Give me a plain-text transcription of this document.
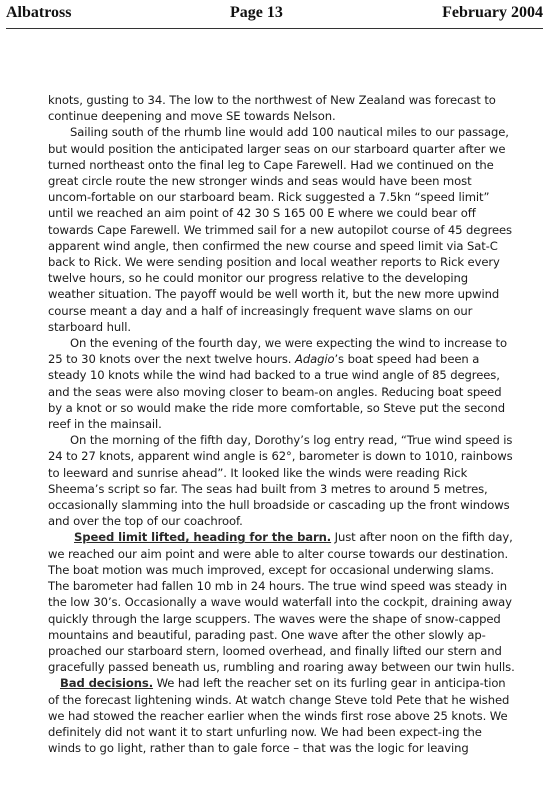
Albatross	Page 13	February 2004

knots, gusting to 34. The low to the northwest of New Zealand was forecast to continue deepening and move SE towards Nelson.

Sailing south of the rhumb line would add 100 nautical miles to our passage, but would position the anticipated larger seas on our starboard quarter after we turned northeast onto the final leg to Cape Farewell. Had we continued on the great circle route the new stronger winds and seas would have been most uncom-fortable on our starboard beam. Rick suggested a 7.5kn “speed limit” until we reached an aim point of 42 30 S 165 00 E where we could bear off towards Cape Farewell. We trimmed sail for a new autopilot course of 45 degrees apparent wind angle, then confirmed the new course and speed limit via Sat-C back to Rick. We were sending position and local weather reports to Rick every twelve hours, so he could monitor our progress relative to the developing weather situation. The payoff would be well worth it, but the new more upwind course meant a day and a half of increasingly frequent wave slams on our starboard hull.

On the evening of the fourth day, we were expecting the wind to increase to 25 to 30 knots over the next twelve hours. Adagio’s boat speed had been a steady 10 knots while the wind had backed to a true wind angle of 85 degrees, and the seas were also moving closer to beam-on angles. Reducing boat speed by a knot or so would make the ride more comfortable, so Steve put the second reef in the mainsail.

On the morning of the fifth day, Dorothy’s log entry read, “True wind speed is 24 to 27 knots, apparent wind angle is 62°, barometer is down to 1010, rainbows to leeward and sunrise ahead”. It looked like the winds were reading Rick Sheema’s script so far. The seas had built from 3 metres to around 5 metres, occasionally slamming into the hull broadside or cascading up the front windows and over the top of our coachroof.

Speed limit lifted, heading for the barn. Just after noon on the fifth day, we reached our aim point and were able to alter course towards our destination. The boat motion was much improved, except for occasional underwing slams. The barometer had fallen 10 mb in 24 hours. The true wind speed was steady in the low 30’s. Occasionally a wave would waterfall into the cockpit, draining away quickly through the large scuppers. The waves were the shape of snow-capped mountains and beautiful, parading past. One wave after the other slowly ap-proached our starboard stern, loomed overhead, and finally lifted our stern and gracefully passed beneath us, rumbling and roaring away between our twin hulls.

Bad decisions. We had left the reacher set on its furling gear in anticipa-tion of the forecast lightening winds. At watch change Steve told Pete that he wished we had stowed the reacher earlier when the winds first rose above 25 knots. We definitely did not want it to start unfurling now. We had been expect-ing the winds to go light, rather than to gale force – that was the logic for leaving
